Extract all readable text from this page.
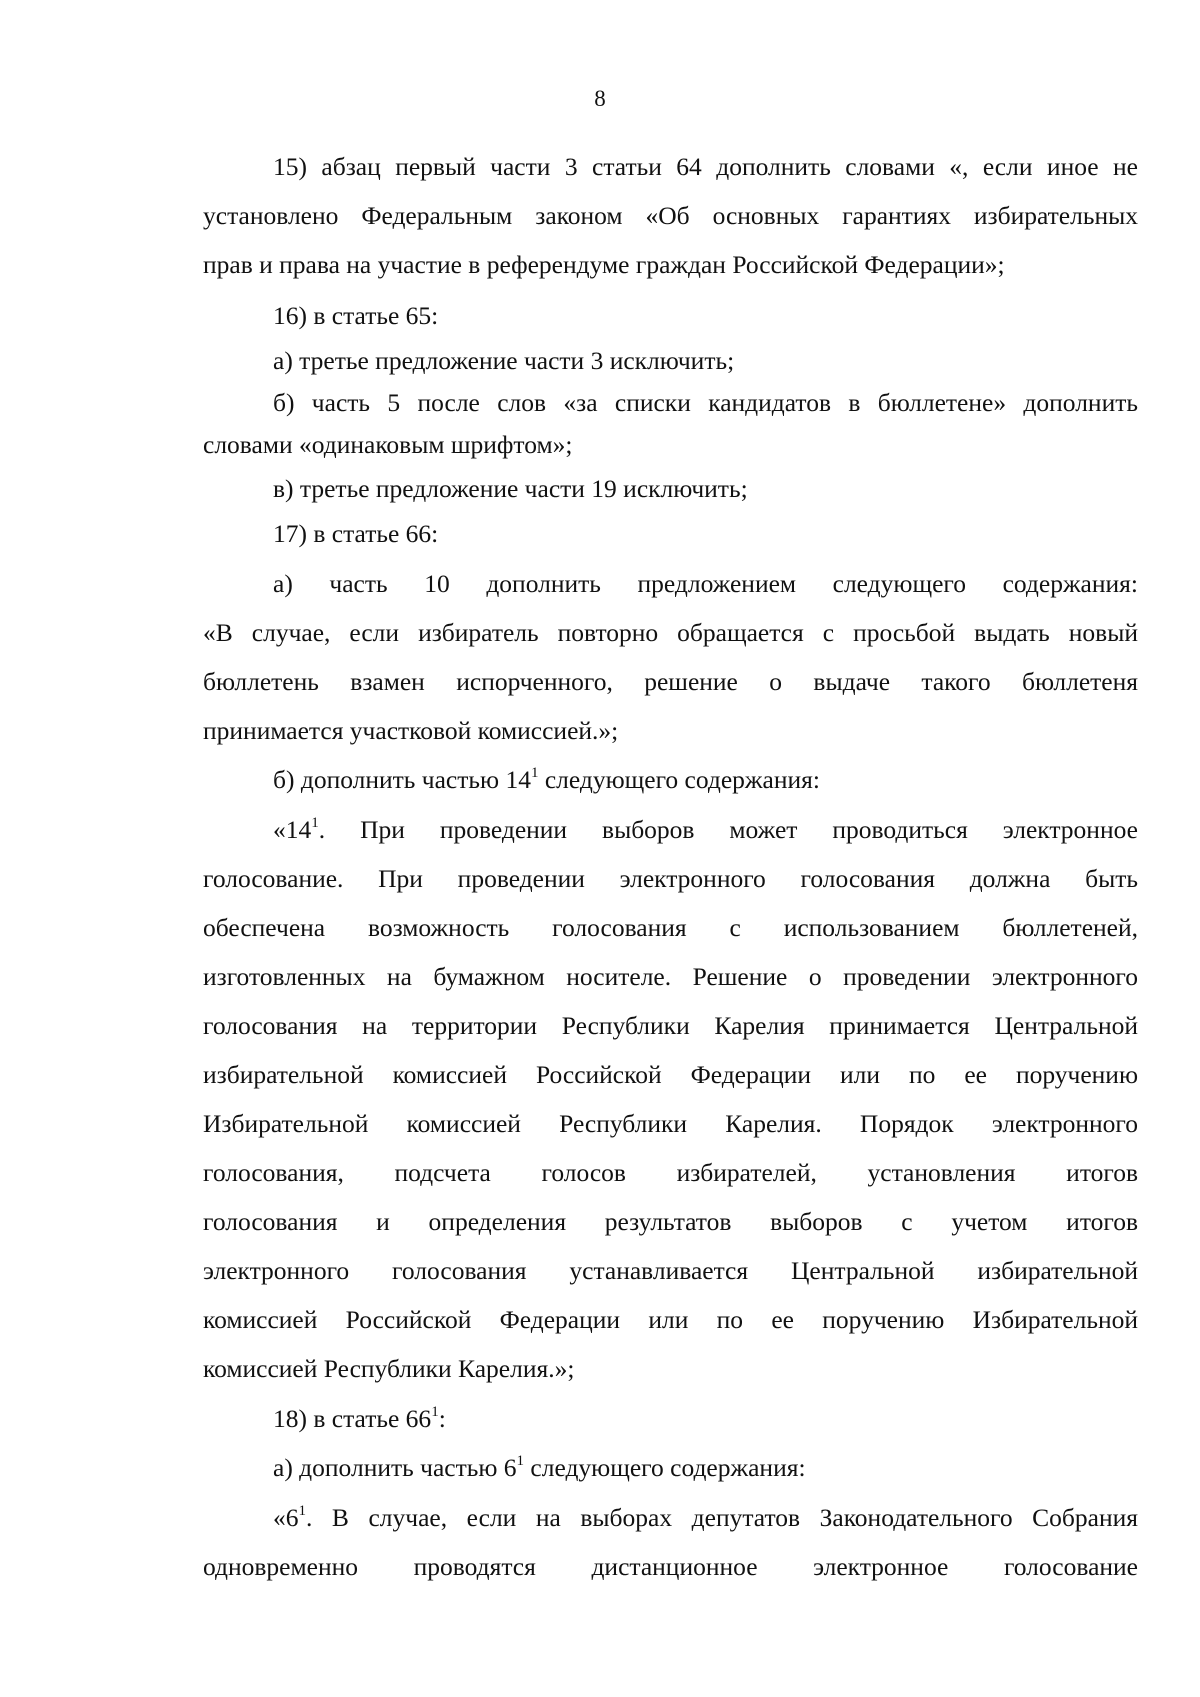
8
15) абзац первый части 3 статьи 64 дополнить словами «, если иное не
установлено Федеральным законом «Об основных гарантиях избирательных
прав и права на участие в референдуме граждан Российской Федерации»;
16) в статье 65:
а) третье предложение части 3 исключить;
б) часть 5 после слов «за списки кандидатов в бюллетене» дополнить
словами «одинаковым шрифтом»;
в) третье предложение части 19 исключить;
17) в статье 66:
а) часть 10 дополнить предложением следующего содержания:
«В случае, если избиратель повторно обращается с просьбой выдать новый
бюллетень взамен испорченного, решение о выдаче такого бюллетеня
принимается участковой комиссией.»;
б) дополнить частью $14^1$ следующего содержания:
«$14^1$. При проведении выборов может проводиться электронное
голосование. При проведении электронного голосования должна быть
обеспечена возможность голосования с использованием бюллетеней,
изготовленных на бумажном носителе. Решение о проведении электронного
голосования на территории Республики Карелия принимается Центральной
избирательной комиссией Российской Федерации или по ее поручению
Избирательной комиссией Республики Карелия. Порядок электронного
голосования, подсчета голосов избирателей, установления итогов
голосования и определения результатов выборов с учетом итогов
электронного голосования устанавливается Центральной избирательной
комиссией Российской Федерации или по ее поручению Избирательной
комиссией Республики Карелия.»;
18) в статье $66^1$:
а) дополнить частью $6^1$ следующего содержания:
«$6^1$. В случае, если на выборах депутатов Законодательного Собрания
одновременно проводятся дистанционное электронное голосование
